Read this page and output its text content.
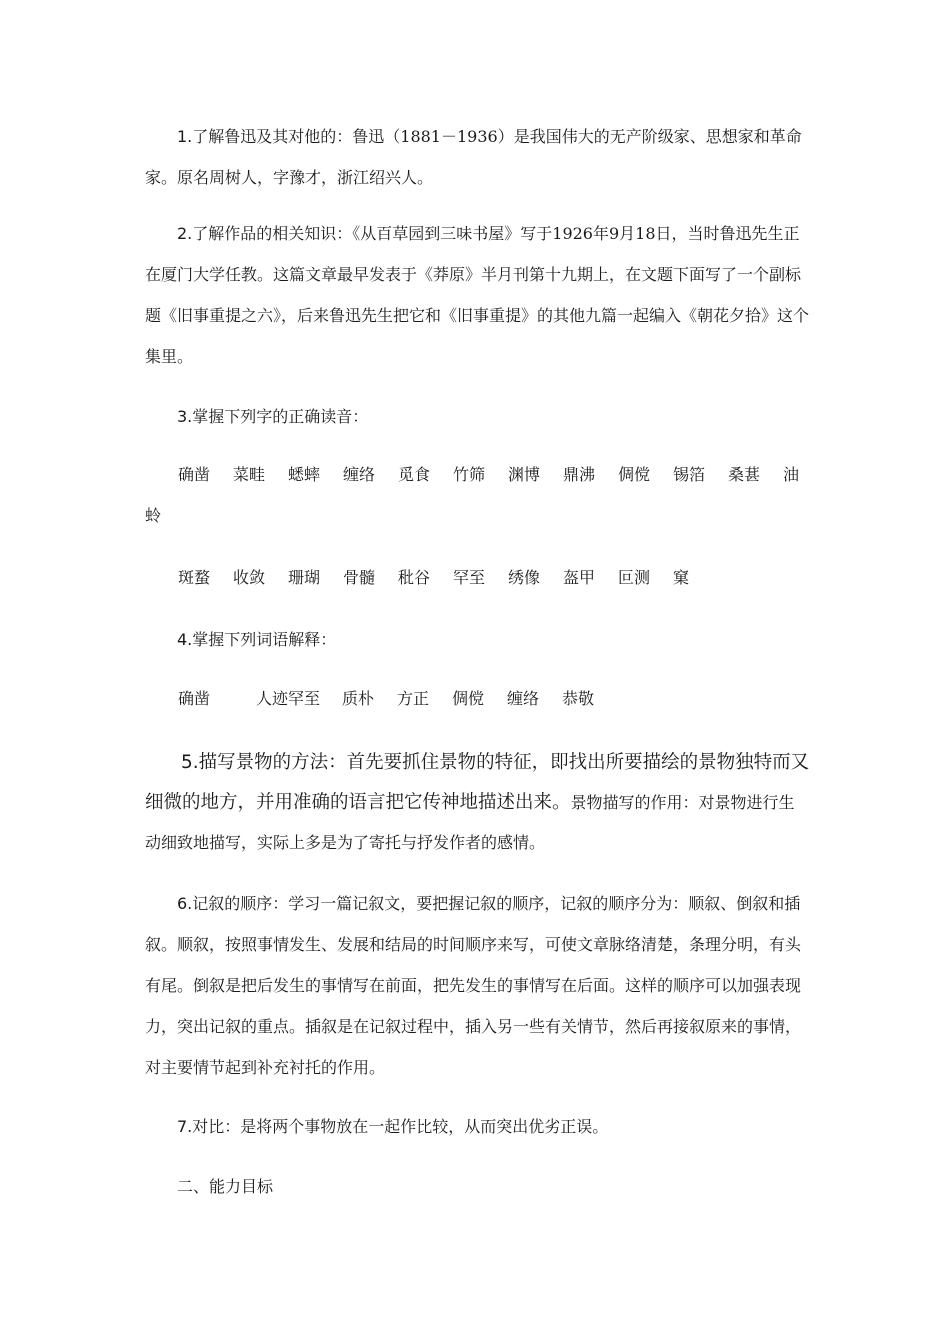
1.了解鲁迅及其对他的：鲁迅（1881－1936）是我国伟大的无产阶级家、思想家和革命家。原名周树人，字豫才，浙江绍兴人。

2.了解作品的相关知识：《从百草园到三味书屋》写于1926年9月18日，当时鲁迅先生正在厦门大学任教。这篇文章最早发表于《莽原》半月刊第十九期上，在文题下面写了一个副标题《旧事重提之六》，后来鲁迅先生把它和《旧事重提》的其他九篇一起编入《朝花夕拾》这个集里。

3.掌握下列字的正确读音：

确凿 菜畦 蟋蟀 缠络 觅食 竹筛 渊博 鼎沸 倜傥 锡箔 桑葚 油
蛉
斑蝥 收敛 珊瑚 骨髓 秕谷 罕至 绣像 盔甲 叵测 窠

4.掌握下列词语解释：

确凿	人迹罕至 质朴 方正 倜傥 缠络 恭敬

5.描写景物的方法：首先要抓住景物的特征，即找出所要描绘的景物独特而又细微的地方，并用准确的语言把它传神地描述出来。景物描写的作用：对景物进行生动细致地描写，实际上多是为了寄托与抒发作者的感情。

6.记叙的顺序：学习一篇记叙文，要把握记叙的顺序，记叙的顺序分为：顺叙、倒叙和插叙。顺叙，按照事情发生、发展和结局的时间顺序来写，可使文章脉络清楚，条理分明，有头有尾。倒叙是把后发生的事情写在前面，把先发生的事情写在后面。这样的顺序可以加强表现力，突出记叙的重点。插叙是在记叙过程中，插入另一些有关情节，然后再接叙原来的事情，对主要情节起到补充衬托的作用。

7.对比：是将两个事物放在一起作比较，从而突出优劣正误。

二、能力目标
